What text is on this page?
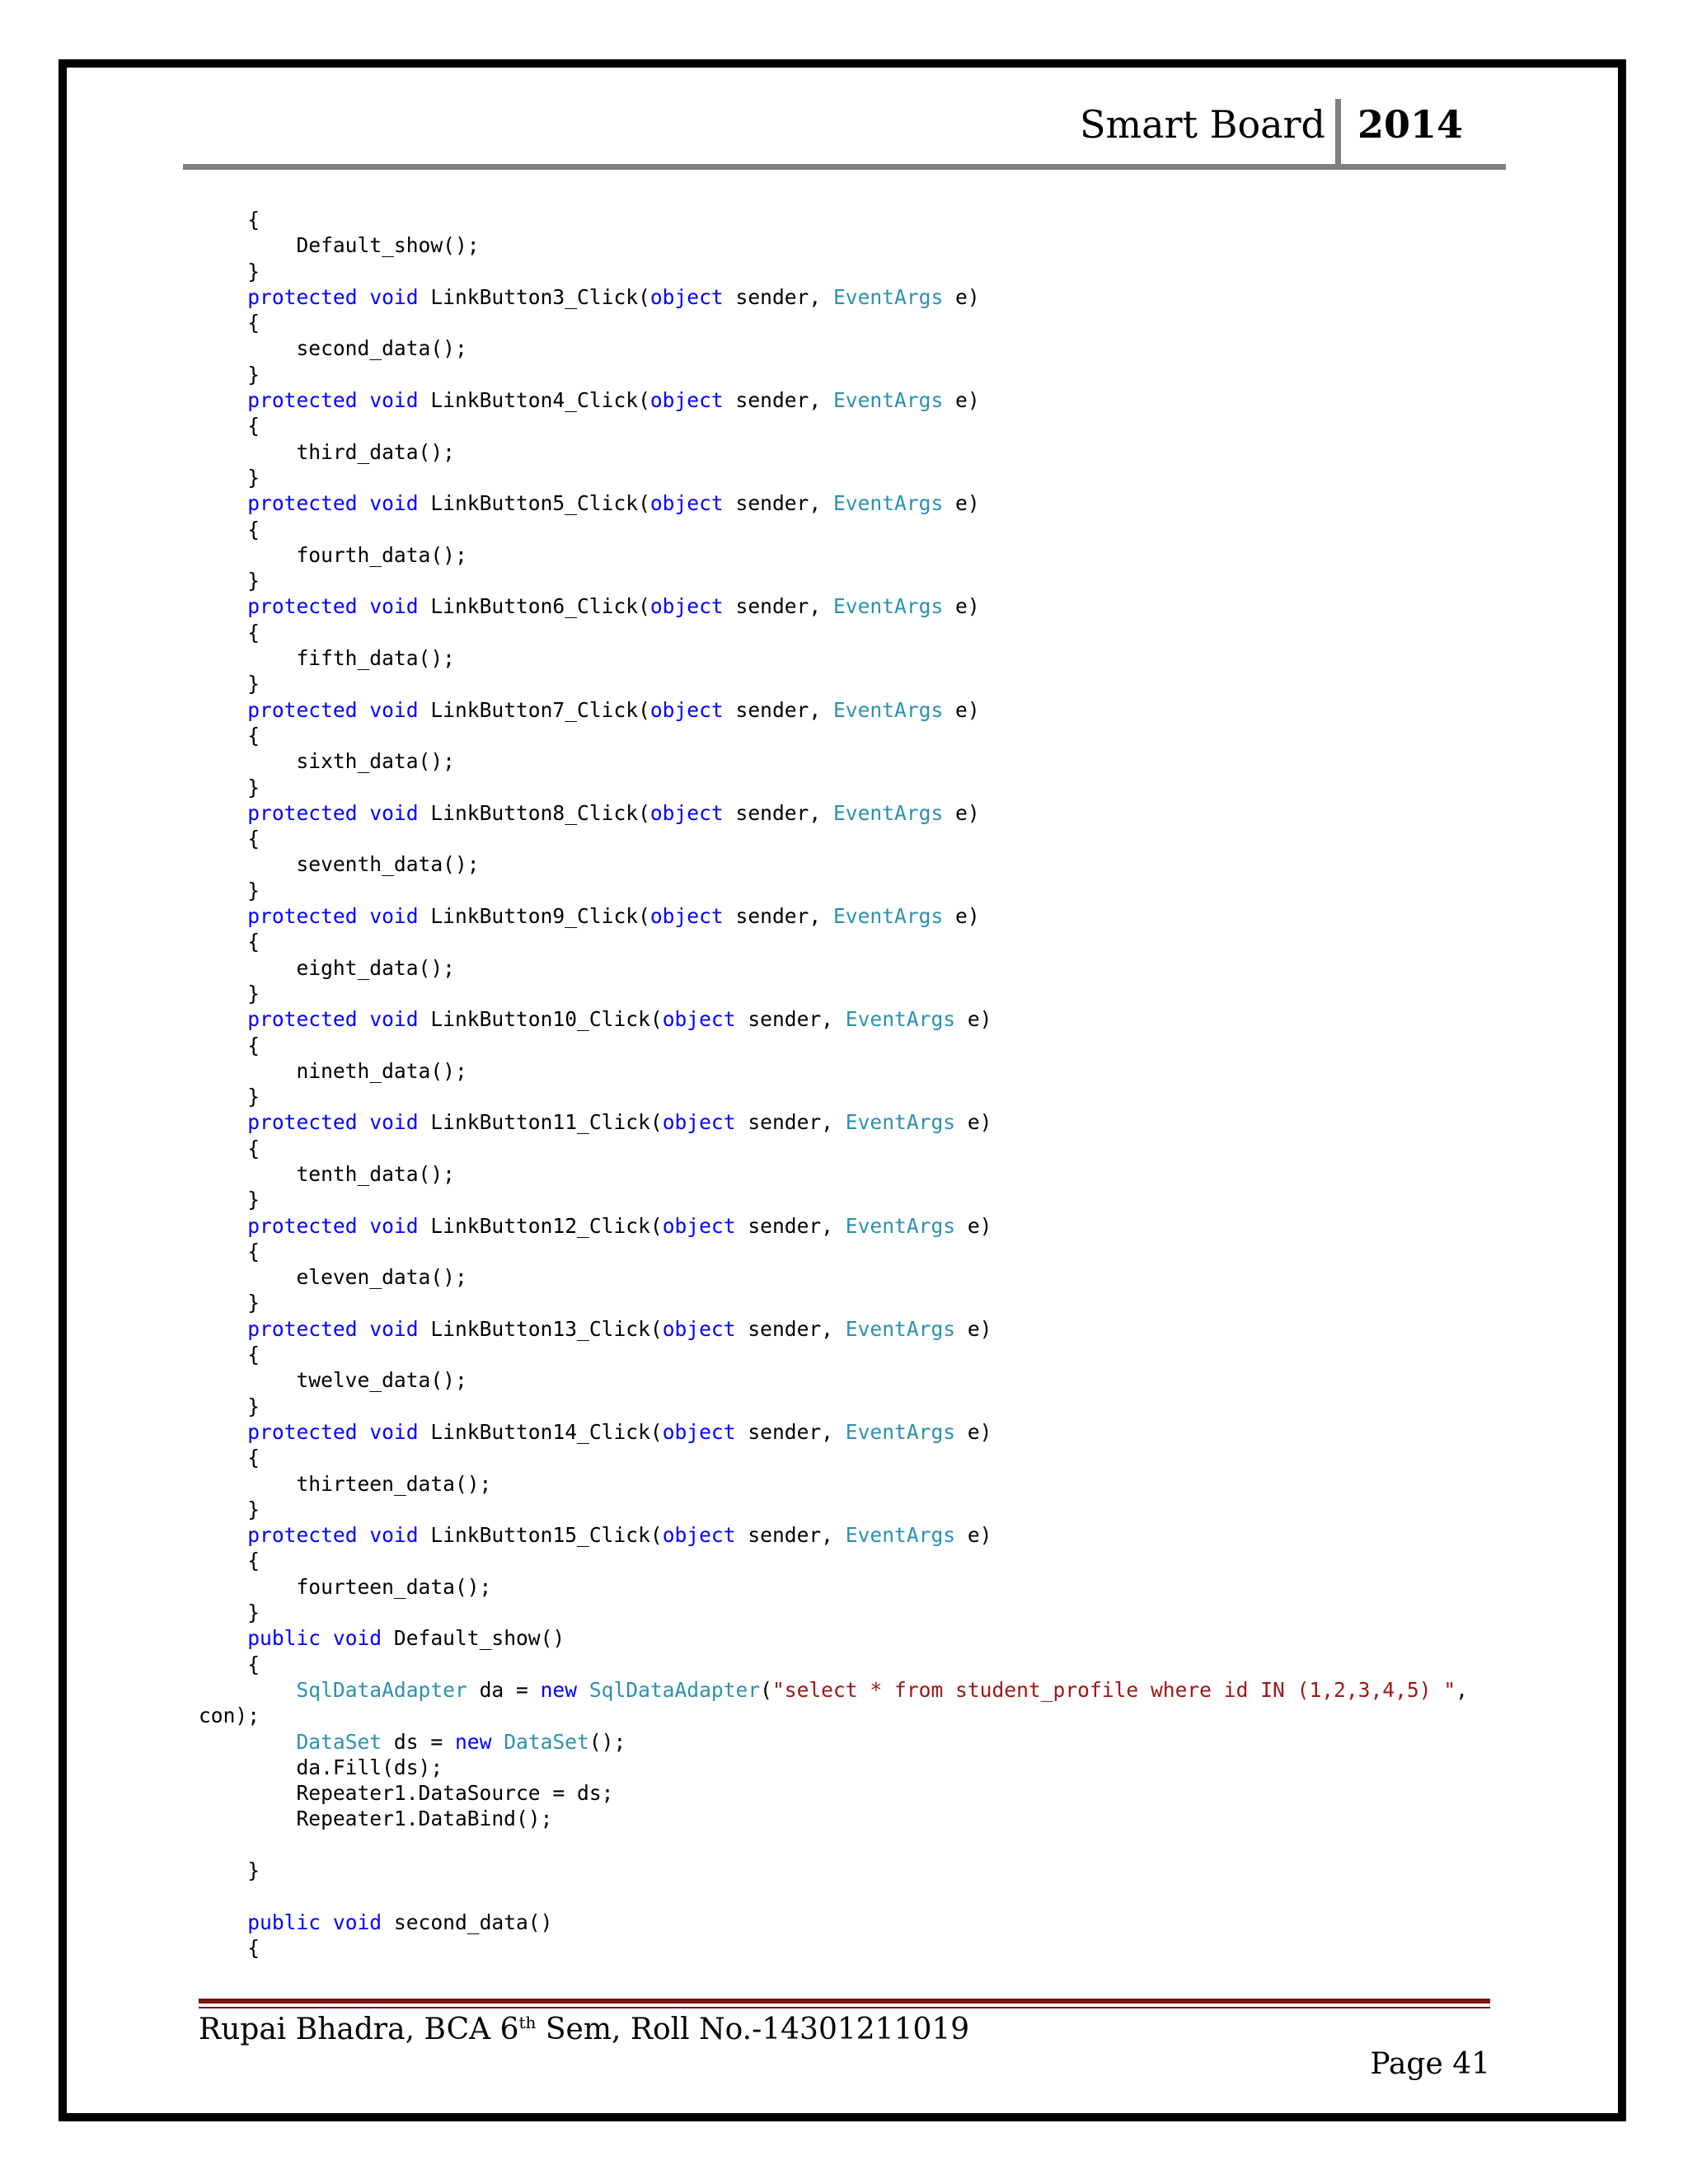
Smart Board 2014
{
Default_show();
}
protected void LinkButton3_Click(object sender, EventArgs e)
{
second_data();
}
protected void LinkButton4_Click(object sender, EventArgs e)
{
third_data();
}
protected void LinkButton5_Click(object sender, EventArgs e)
{
fourth_data();
}
protected void LinkButton6_Click(object sender, EventArgs e)
{
fifth_data();
}
protected void LinkButton7_Click(object sender, EventArgs e)
{
sixth_data();
}
protected void LinkButton8_Click(object sender, EventArgs e)
{
seventh_data();
}
protected void LinkButton9_Click(object sender, EventArgs e)
{
eight_data();
}
protected void LinkButton10_Click(object sender, EventArgs e)
{
nineth_data();
}
protected void LinkButton11_Click(object sender, EventArgs e)
{
tenth_data();
}
protected void LinkButton12_Click(object sender, EventArgs e)
{
eleven_data();
}
protected void LinkButton13_Click(object sender, EventArgs e)
{
twelve_data();
}
protected void LinkButton14_Click(object sender, EventArgs e)
{
thirteen_data();
}
protected void LinkButton15_Click(object sender, EventArgs e)
{
fourteen_data();
}
public void Default_show()
{
SqlDataAdapter da = new SqlDataAdapter("select * from student_profile where id IN (1,2,3,4,5) ",
con);
DataSet ds = new DataSet();
da.Fill(ds);
Repeater1.DataSource = ds;
Repeater1.DataBind();
}
public void second_data()
{
Rupai Bhadra, BCA 6th Sem, Roll No.-14301211019
Page 41
